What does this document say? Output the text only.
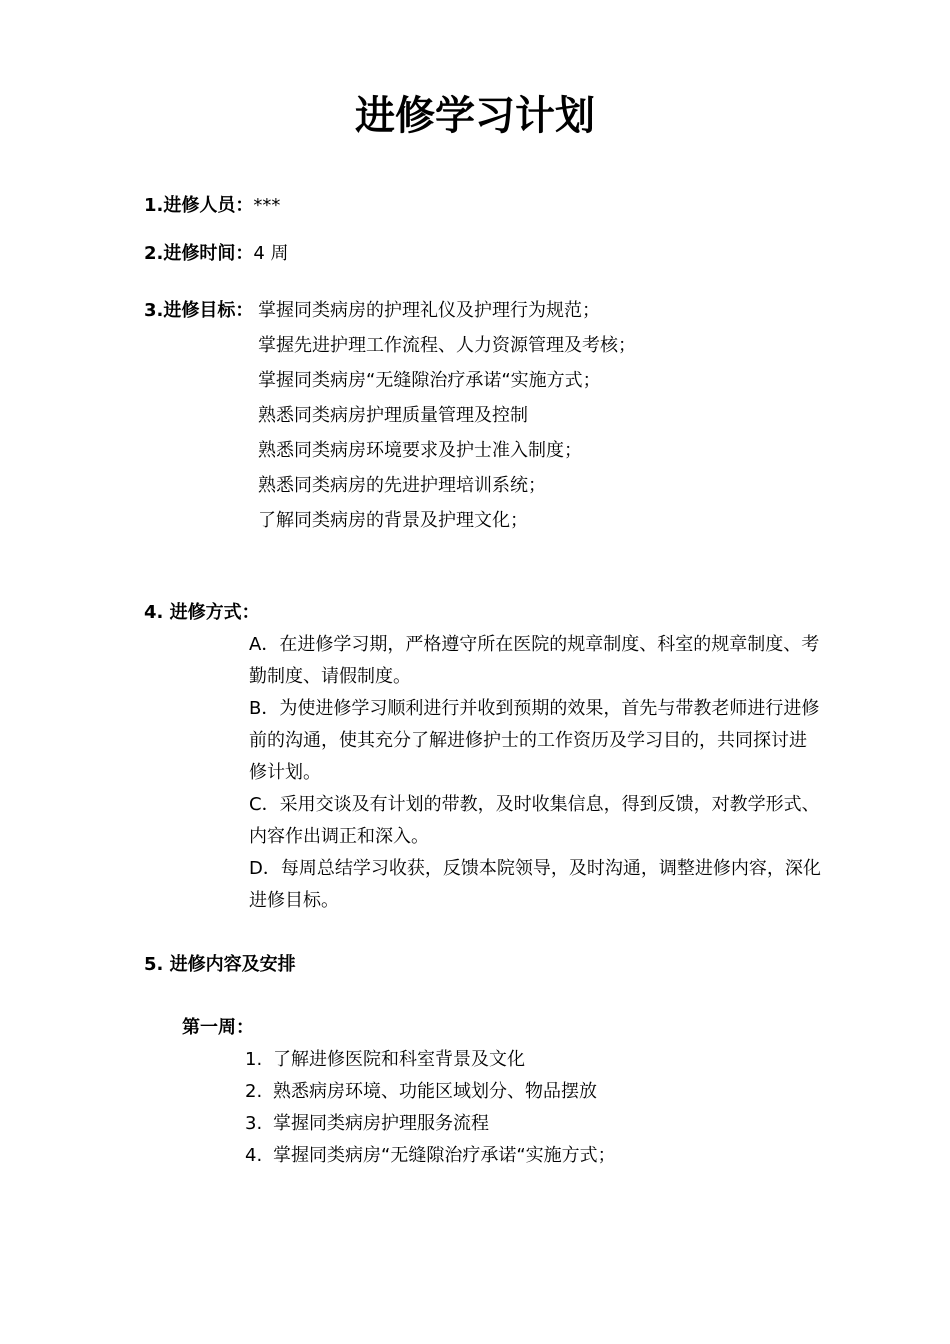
进修学习计划
1.进修人员：***
2.进修时间：4 周
3.进修目标： 掌握同类病房的护理礼仪及护理行为规范；
掌握先进护理工作流程、人力资源管理及考核；
掌握同类病房“无缝隙治疗承诺“实施方式；
熟悉同类病房护理质量管理及控制
熟悉同类病房环境要求及护士准入制度；
熟悉同类病房的先进护理培训系统；
了解同类病房的背景及护理文化；
4. 进修方式：
A．在进修学习期，严格遵守所在医院的规章制度、科室的规章制度、考勤制度、请假制度。
B．为使进修学习顺利进行并收到预期的效果，首先与带教老师进行进修前的沟通，使其充分了解进修护士的工作资历及学习目的，共同探讨进修计划。
C．采用交谈及有计划的带教，及时收集信息，得到反馈，对教学形式、内容作出调正和深入。
D．每周总结学习收获，反馈本院领导，及时沟通，调整进修内容，深化进修目标。
5. 进修内容及安排
第一周：
1. 了解进修医院和科室背景及文化
2. 熟悉病房环境、功能区域划分、物品摆放
3. 掌握同类病房护理服务流程
4. 掌握同类病房“无缝隙治疗承诺“实施方式；
